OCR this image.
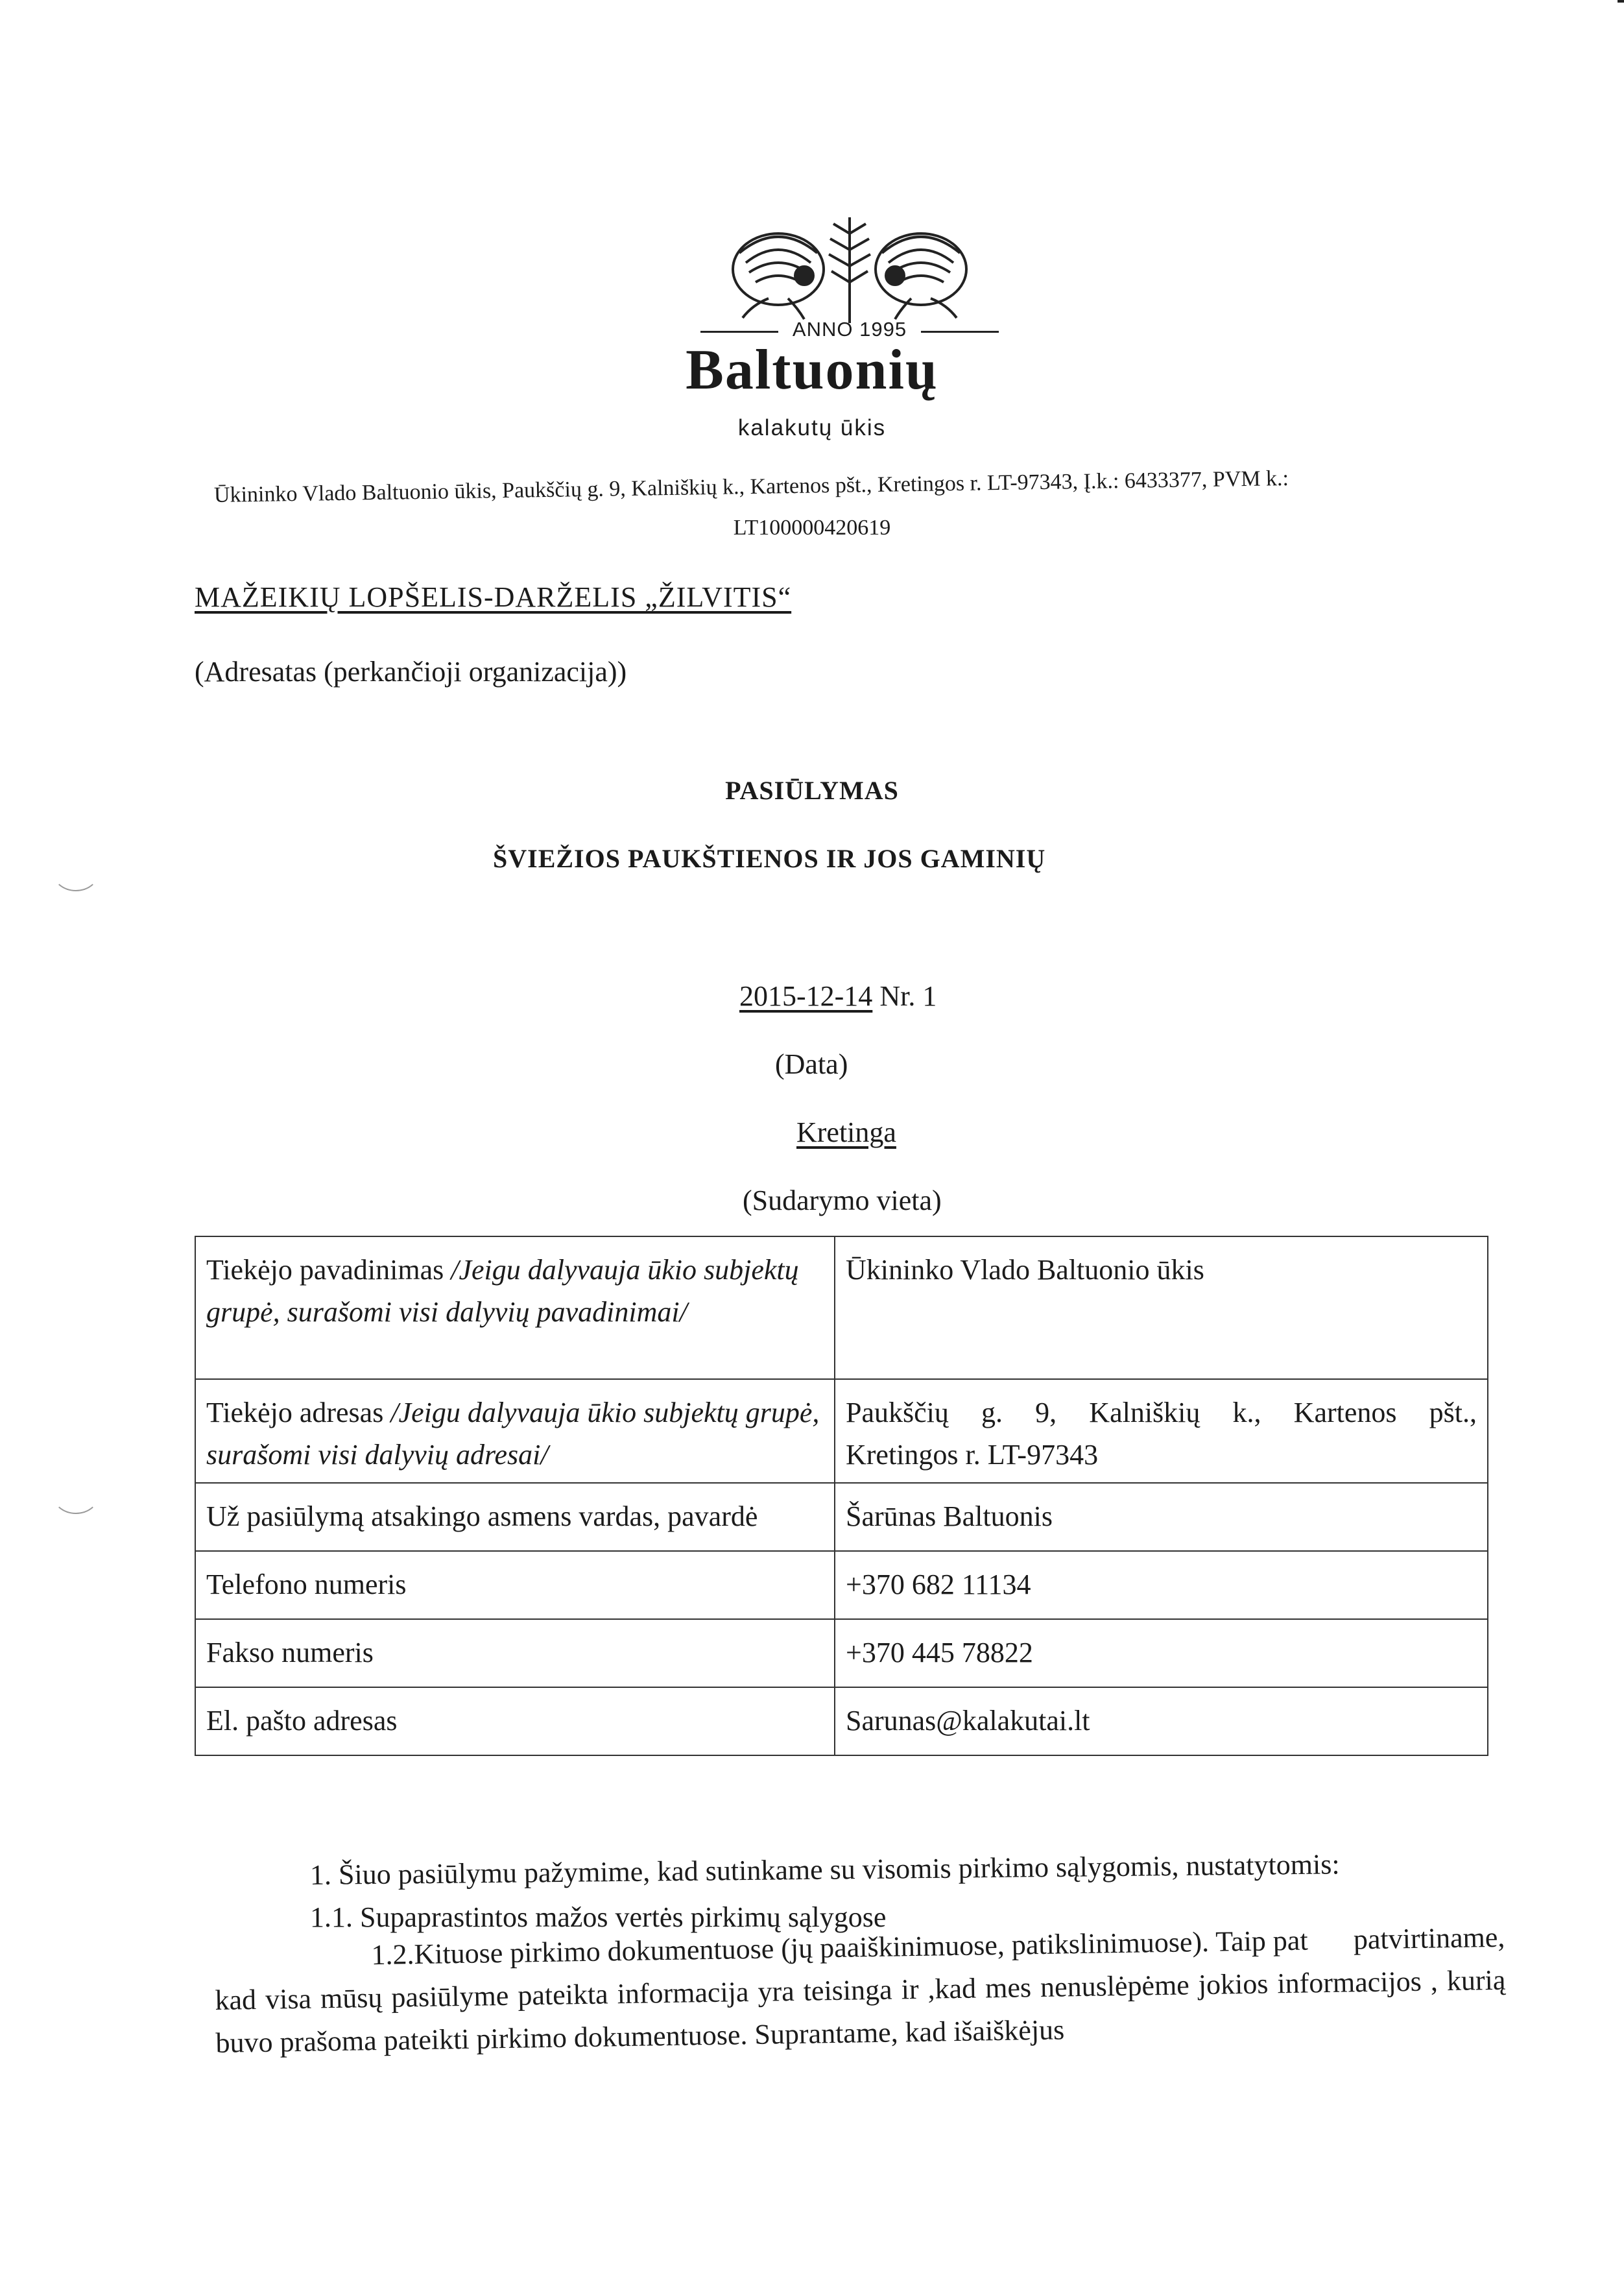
ANNO 1995
Baltuonių
kalakutų ūkis
Ūkininko Vlado Baltuonio ūkis, Paukščių g. 9, Kalniškių k., Kartenos pšt., Kretingos r. LT-97343, Į.k.: 6433377, PVM k.:
LT100000420619
MAŽEIKIŲ LOPŠELIS-DARŽELIS „ŽILVITIS“
(Adresatas (perkančioji organizacija))
PASIŪLYMAS
ŠVIEŽIOS PAUKŠTIENOS IR JOS GAMINIŲ
2015-12-14 Nr. 1
(Data)
Kretinga
(Sudarymo vieta)
Tiekėjo pavadinimas /Jeigu dalyvauja ūkio subjektų grupė, surašomi visi dalyvių pavadinimai/	Ūkininko Vlado Baltuonio ūkis
Tiekėjo adresas /Jeigu dalyvauja ūkio subjektų grupė, surašomi visi dalyvių adresai/	Paukščių g. 9, Kalniškių k., Kartenos pšt.,
Kretingos r. LT-97343

Už pasiūlymą atsakingo asmens vardas, pavardė	Šarūnas Baltuonis
Telefono numeris	+370 682 11134
Fakso numeris	+370 445 78822
El. pašto adresas	Sarunas@kalakutai.lt
1. Šiuo pasiūlymu pažymime, kad sutinkame su visomis pirkimo sąlygomis, nustatytomis:
1.1. Supaprastintos mažos vertės pirkimų sąlygose
1.2.Kituose pirkimo dokumentuose (jų paaiškinimuose, patikslinimuose). Taip pat patvirtiname, kad visa mūsų pasiūlyme pateikta informacija yra teisinga ir ,kad mes nenuslėpėme jokios informacijos , kurią buvo prašoma pateikti pirkimo dokumentuose. Suprantame, kad išaiškėjus
